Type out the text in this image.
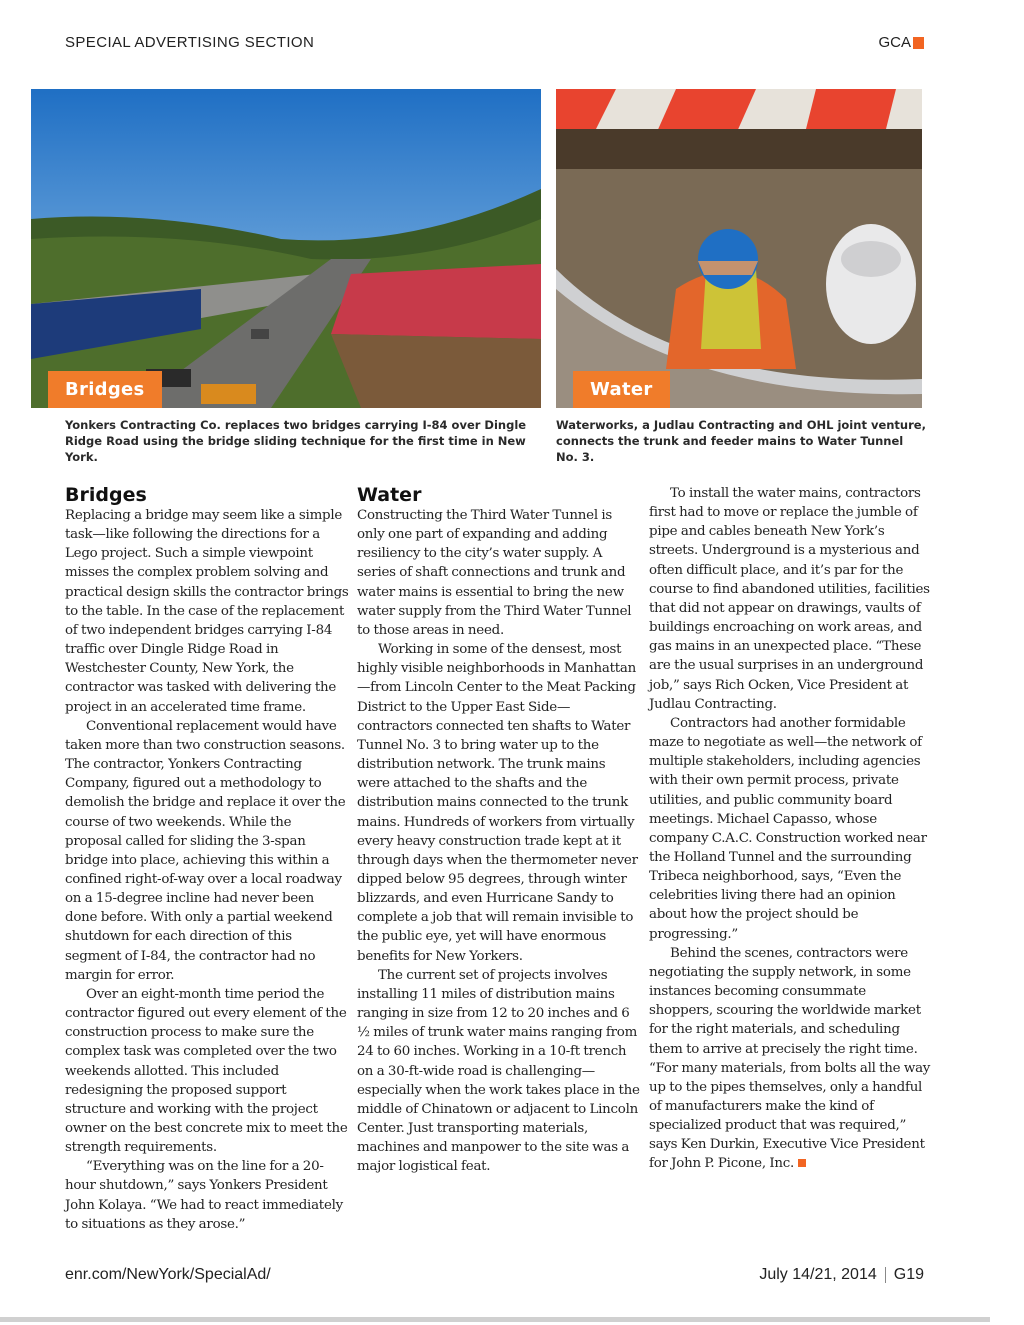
SPECIAL ADVERTISING SECTION	GCA
Bridges	Water
Yonkers Contracting Co. replaces two bridges carrying I-84 over Dingle Ridge Road using the bridge sliding technique for the first time in New York.
Waterworks, a Judlau Contracting and OHL joint venture, connects the trunk and feeder mains to Water Tunnel No. 3.
Bridges

Replacing a bridge may seem like a simple task—like following the directions for a Lego project. Such a simple viewpoint misses the complex problem solving and practical design skills the contractor brings to the table. In the case of the replacement of two independent bridges carrying I-84 traffic over Dingle Ridge Road in Westchester County, New York, the contractor was tasked with delivering the project in an accelerated time frame.

Conventional replacement would have taken more than two construction seasons. The contractor, Yonkers Contracting Company, figured out a methodology to demolish the bridge and replace it over the course of two weekends. While the proposal called for sliding the 3-span bridge into place, achieving this within a confined right-of-way over a local roadway on a 15-degree incline had never been done before. With only a partial weekend shutdown for each direction of this segment of I-84, the contractor had no margin for error.

Over an eight-month time period the contractor figured out every element of the construction process to make sure the complex task was completed over the two weekends allotted. This included redesigning the proposed support structure and working with the project owner on the best concrete mix to meet the strength requirements.

“Everything was on the line for a 20-hour shutdown,” says Yonkers President John Kolaya. “We had to react immediately to situations as they arose.”

Water

Constructing the Third Water Tunnel is only one part of expanding and adding resiliency to the city’s water supply. A series of shaft connections and trunk and water mains is essential to bring the new water supply from the Third Water Tunnel to those areas in need.

Working in some of the densest, most highly visible neighborhoods in Manhattan—from Lincoln Center to the Meat Packing District to the Upper East Side—contractors connected ten shafts to Water Tunnel No. 3 to bring water up to the distribution network. The trunk mains were attached to the shafts and the distribution mains connected to the trunk mains. Hundreds of workers from virtually every heavy construction trade kept at it through days when the thermometer never dipped below 95 degrees, through winter blizzards, and even Hurricane Sandy to complete a job that will remain invisible to the public eye, yet will have enormous benefits for New Yorkers.

The current set of projects involves installing 11 miles of distribution mains ranging in size from 12 to 20 inches and 6 ½ miles of trunk water mains ranging from 24 to 60 inches. Working in a 10-ft trench on a 30-ft-wide road is challenging—especially when the work takes place in the middle of Chinatown or adjacent to Lincoln Center. Just transporting materials, machines and manpower to the site was a major logistical feat.

To install the water mains, contractors first had to move or replace the jumble of pipe and cables beneath New York’s streets. Underground is a mysterious and often difficult place, and it’s par for the course to find abandoned utilities, facilities that did not appear on drawings, vaults of buildings encroaching on work areas, and gas mains in an unexpected place. “These are the usual surprises in an underground job,” says Rich Ocken, Vice President at Judlau Contracting.

Contractors had another formidable maze to negotiate as well—the network of multiple stakeholders, including agencies with their own permit process, private utilities, and public community board meetings. Michael Capasso, whose company C.A.C. Construction worked near the Holland Tunnel and the surrounding Tribeca neighborhood, says, “Even the celebrities living there had an opinion about how the project should be progressing.”

Behind the scenes, contractors were negotiating the supply network, in some instances becoming consummate shoppers, scouring the worldwide market for the right materials, and scheduling them to arrive at precisely the right time. “For many materials, from bolts all the way up to the pipes themselves, only a handful of manufacturers make the kind of specialized product that was required,” says Ken Durkin, Executive Vice President for John P. Picone, Inc.

enr.com/NewYork/SpecialAd/	July 14/21, 2014 G19
